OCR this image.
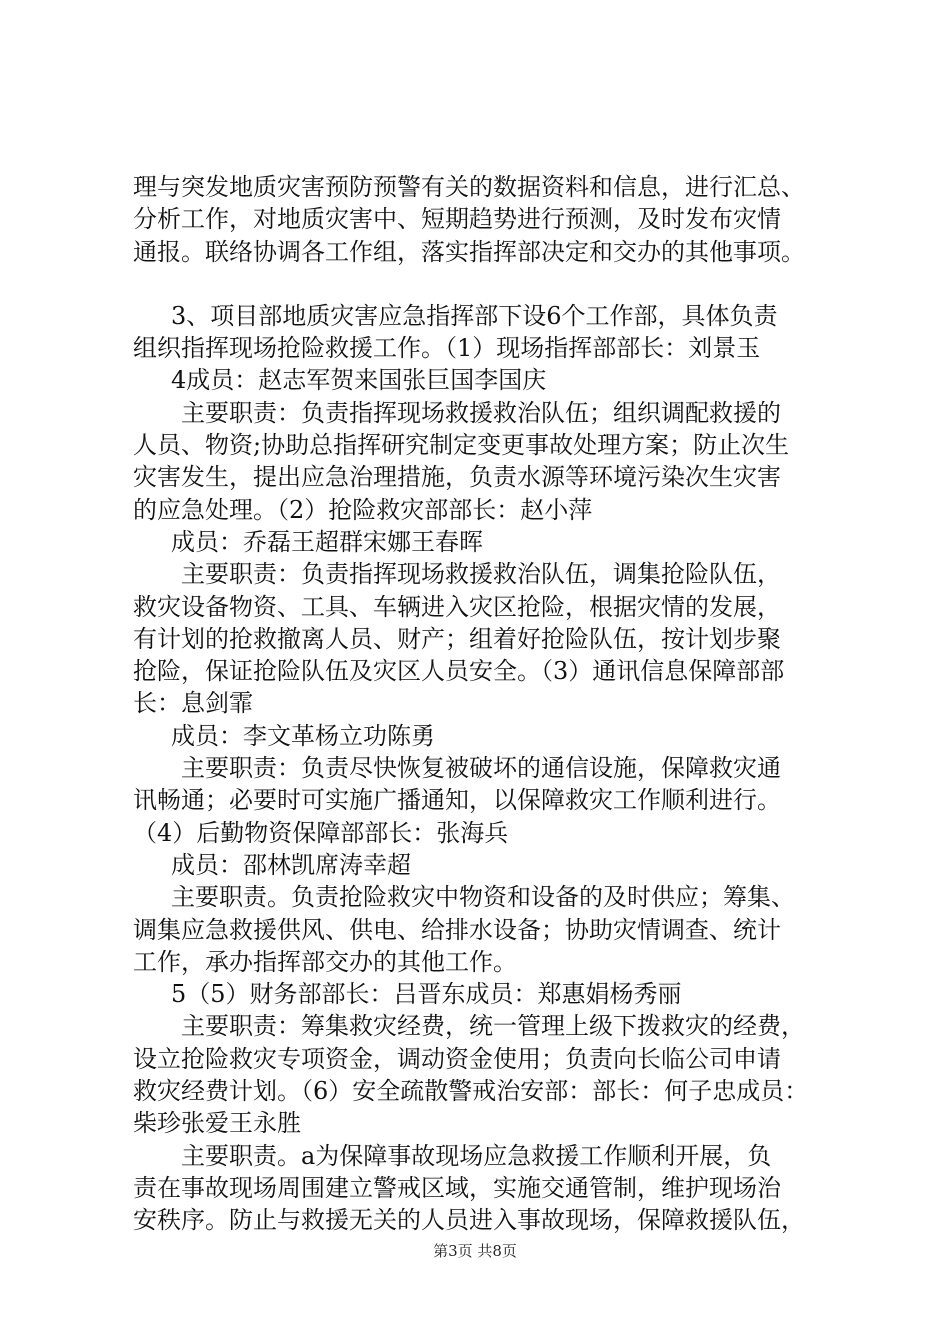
理与突发地质灾害预防预警有关的数据资料和信息，进行汇总、
分析工作，对地质灾害中、短期趋势进行预测，及时发布灾情
通报。联络协调各工作组，落实指挥部决定和交办的其他事项。
3、项目部地质灾害应急指挥部下设6个工作部，具体负责
组织指挥现场抢险救援工作。（1）现场指挥部部长：刘景玉
4成员：赵志军贺来国张巨国李国庆
主要职责：负责指挥现场救援救治队伍；组织调配救援的
人员、物资;协助总指挥研究制定变更事故处理方案；防止次生
灾害发生，提出应急治理措施，负责水源等环境污染次生灾害
的应急处理。（2）抢险救灾部部长：赵小萍
成员：乔磊王超群宋娜王春晖
主要职责：负责指挥现场救援救治队伍，调集抢险队伍，
救灾设备物资、工具、车辆进入灾区抢险，根据灾情的发展，
有计划的抢救撤离人员、财产；组着好抢险队伍，按计划步聚
抢险，保证抢险队伍及灾区人员安全。（3）通讯信息保障部部
长：息剑霏
成员：李文革杨立功陈勇
主要职责：负责尽快恢复被破坏的通信设施，保障救灾通
讯畅通；必要时可实施广播通知，以保障救灾工作顺利进行。
（4）后勤物资保障部部长：张海兵
成员：邵林凯席涛幸超
主要职责。负责抢险救灾中物资和设备的及时供应；筹集、
调集应急救援供风、供电、给排水设备；协助灾情调查、统计
工作，承办指挥部交办的其他工作。
5（5）财务部部长：吕晋东成员：郑惠娟杨秀丽
主要职责：筹集救灾经费，统一管理上级下拨救灾的经费，
设立抢险救灾专项资金，调动资金使用；负责向长临公司申请
救灾经费计划。（6）安全疏散警戒治安部：部长：何子忠成员：
柴珍张爱王永胜
主要职责。a为保障事故现场应急救援工作顺利开展，负
责在事故现场周围建立警戒区域，实施交通管制，维护现场治
安秩序。防止与救援无关的人员进入事故现场，保障救援队伍，
第3页 共8页
